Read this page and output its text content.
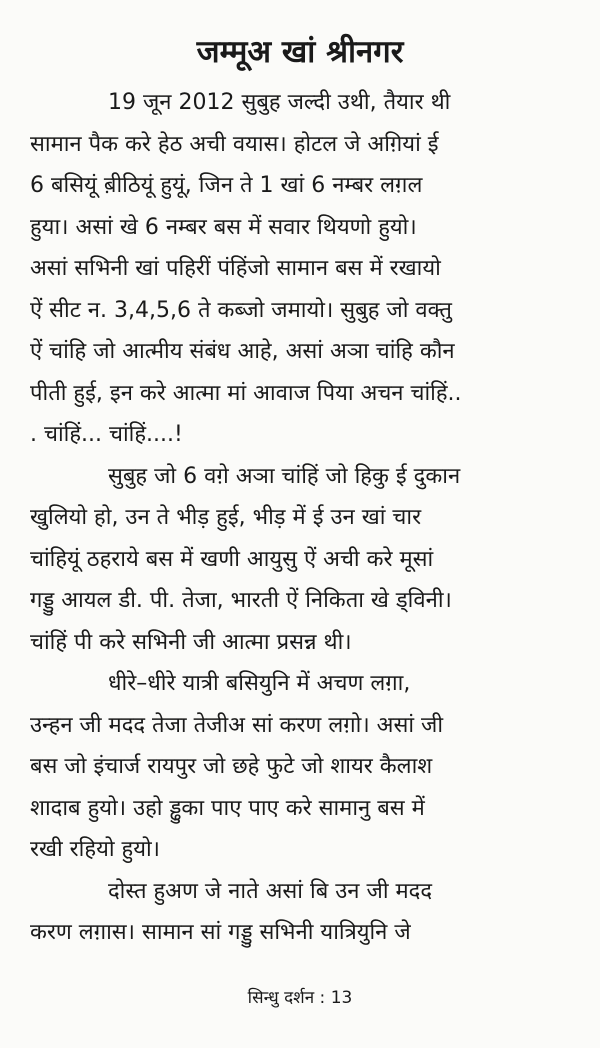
जम्मूअ खां श्रीनगर
19 जून 2012 सुबुह जल्दी उथी, तैयार थी
सामान पैक करे हेठ अची वयास। होटल जे अग़ियां ई
6 बसियूं ब़ीठियूं हुयूं, जिन ते 1 खां 6 नम्बर लग़ल
हुया। असां खे 6 नम्बर बस में सवार थियणो हुयो।
असां सभिनी खां पहिरीं पंहिंजो सामान बस में रखायो
ऐं सीट न. 3,4,5,6 ते कब्जो जमायो। सुबुह जो वक्तु
ऐं चांहि जो आत्मीय संबंध आहे, असां अञा चांहि कौन
पीती हुई, इन करे आत्मा मां आवाज पिया अचन चांहिं..
. चांहिं... चांहिं....!
सुबुह जो 6 वग़े अञा चांहिं जो हिकु ई दुकान
खुलियो हो, उन ते भीड़ हुई, भीड़ में ई उन खां चार
चांहियूं ठहराये बस में खणी आयुसु ऐं अची करे मूसां
गड्डु आयल डी. पी. तेजा, भारती ऐं निकिता खे ड्विनी।
चांहिं पी करे सभिनी जी आत्मा प्रसन्न थी।
धीरे–धीरे यात्री बसियुनि में अचण लग़ा,
उन्हन जी मदद तेजा तेजीअ सां करण लग़ो। असां जी
बस जो इंचार्ज रायपुर जो छहे फुटे जो शायर कैलाश
शादाब हुयो। उहो ड्ढुका पाए पाए करे सामानु बस में
रखी रहियो हुयो।
दोस्त हुअण जे नाते असां बि उन जी मदद
करण लग़ास। सामान सां गड्डु सभिनी यात्रियुनि जे
सिन्धु दर्शन : 13
